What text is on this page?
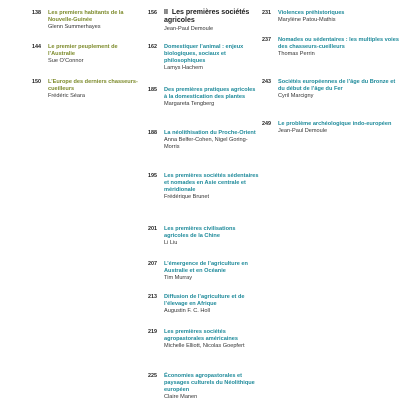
138	Les premiers habitants de la Nouvelle-Guinée
Glenn Summerhayes
144	Le premier peuplement de l’Australie
Sue O’Connor
150	L’Europe des derniers chasseurs-cueilleurs
Frédéric Séara
156	II Les premières sociétés agricoles
Jean-Paul Demoule
162	Domestiquer l’animal : enjeux biologiques, sociaux et philosophiques
Lamys Hachem
185	Des premières pratiques agricoles à la domestication des plantes
Margareta Tengberg
188	La néolithisation du Proche-Orient
Anna Belfer-Cohen, Nigel Goring-Morris
195	Les premières sociétés sédentaires et nomades en Asie centrale et méridionale
Frédérique Brunet
201	Les premières civilisations agricoles de la Chine
Li Liu
207	L’émergence de l’agriculture en Australie et en Océanie
Tim Murray
213	Diffusion de l’agriculture et de l’élevage en Afrique
Augustin F. C. Holl
219	Les premières sociétés agropastorales américaines
Michelle Elliott, Nicolas Goepfert
225	Économies agropastorales et paysages culturels du Néolithique européen
Claire Manen
231	Violences préhistoriques
Marylène Patou-Mathis
237	Nomades ou sédentaires : les multiples voies des chasseurs-cueilleurs
Thomas Perrin
243	Sociétés européennes de l’âge du Bronze et du début de l’âge du Fer
Cyril Marcigny
249	Le problème archéologique indo-européen
Jean-Paul Demoule
